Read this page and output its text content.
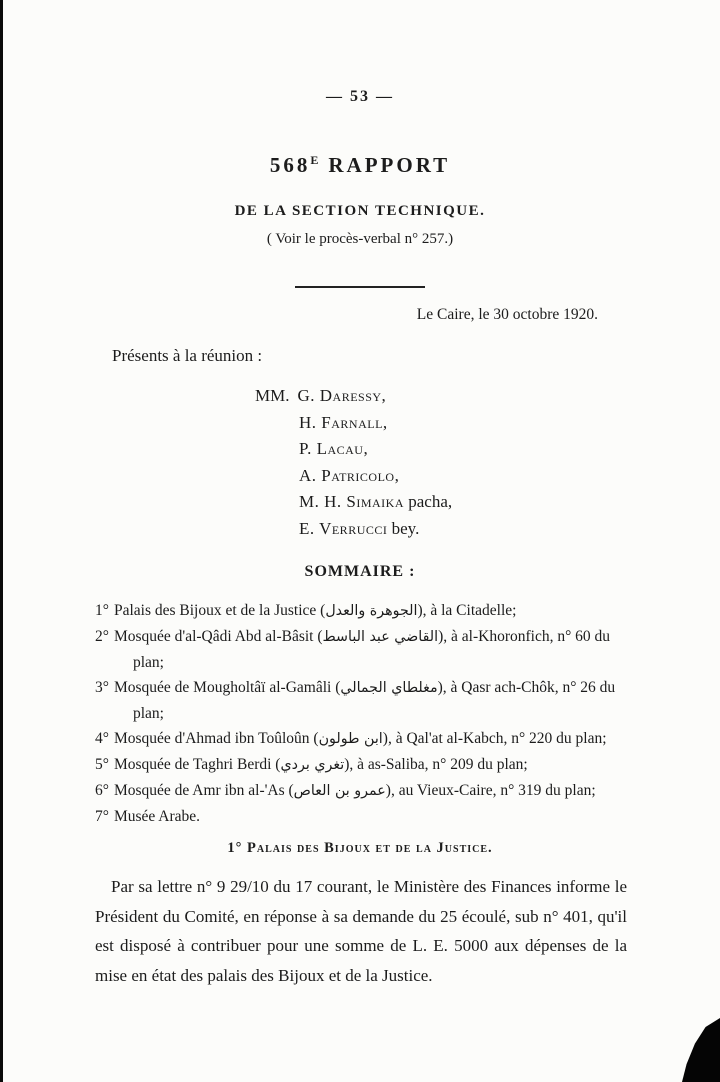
— 53 —
$568^E$ RAPPORT
DE LA SECTION TECHNIQUE.
( Voir le procès-verbal n° 257.)
Le Caire, le 30 octobre 1920.
Présents à la réunion :
MM. G. Daressy,
H. Farnall,
P. Lacau,
A. Patricolo,
M. H. Simaika pacha,
E. Verrucci bey.
SOMMAIRE :
1° Palais des Bijoux et de la Justice (الجوهرة والعدل), à la Citadelle;
2° Mosquée d'al-Qâdi Abd al-Bâsit (القاضي عبد الباسط), à al-Khoronfich, n° 60 du plan;
3° Mosquée de Mougholtâï al-Gamâli (مغلطاي الجمالي), à Qasr ach-Chôk, n° 26 du plan;
4° Mosquée d'Ahmad ibn Toûloûn (ابن طولون), à Qal'at al-Kabch, n° 220 du plan;
5° Mosquée de Taghri Berdi (تغري بردي), à as-Saliba, n° 209 du plan;
6° Mosquée de Amr ibn al-'As (عمرو بن العاص), au Vieux-Caire, n° 319 du plan;
7° Musée Arabe.
1° Palais des Bijoux et de la Justice.
Par sa lettre n° 9 29/10 du 17 courant, le Ministère des Finances informe le Président du Comité, en réponse à sa demande du 25 écoulé, sub n° 401, qu'il est disposé à contribuer pour une somme de L. E. 5000 aux dépenses de la mise en état des palais des Bijoux et de la Justice.
